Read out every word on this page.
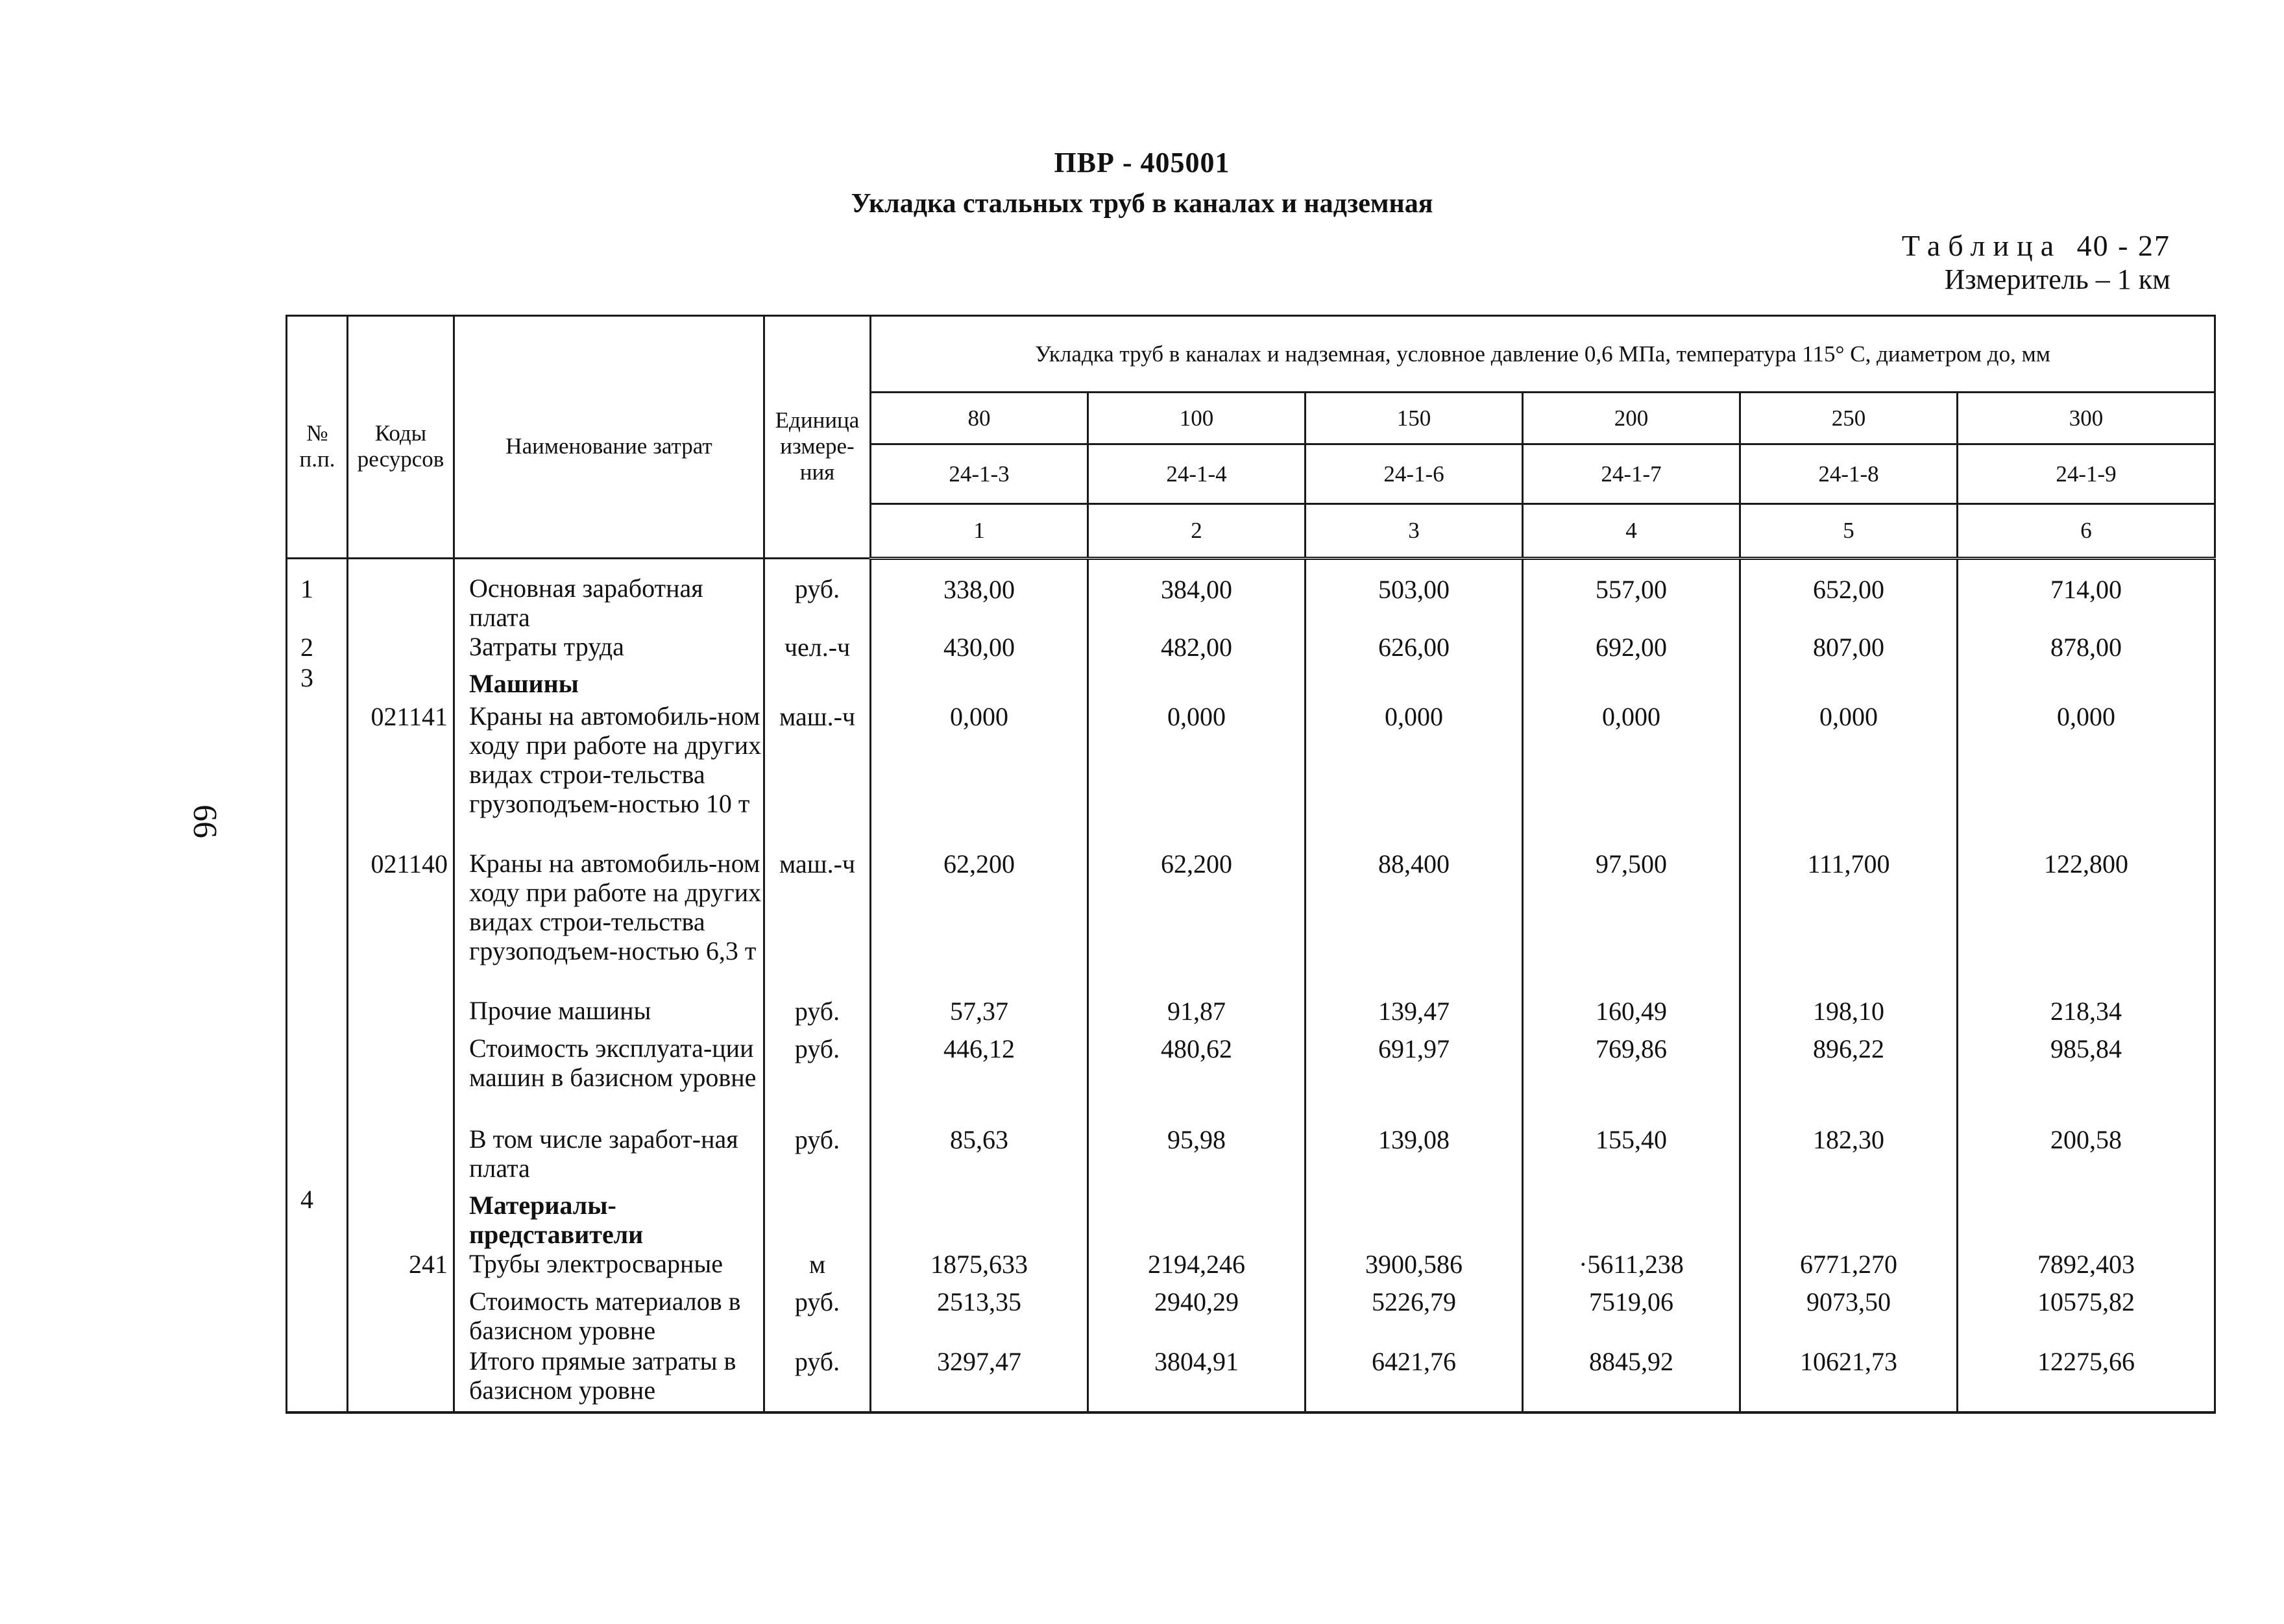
ПВР - 405001
Укладка стальных труб в каналах и надземная
Таблица 40 - 27
Измеритель – 1 км
66
№ п.п.	Коды ресурсов	Наименование затрат	Единица измере-ния	Укладка труб в каналах и надземная, условное давление 0,6 МПа, температура 115° С, диаметром до, мм					
				80	100	150	200	250	300
				24-1-3	24-1-4	24-1-6	24-1-7	24-1-8	24-1-9
				1	2	3	4	5	6
1		Основная заработная плата	руб.	338,00	384,00	503,00	557,00	652,00	714,00
2		Затраты труда	чел.-ч	430,00	482,00	626,00	692,00	807,00	878,00
3		Машины							
	021141	Краны на автомобиль-ном ходу при работе на других видах строи-тельства грузоподъем-ностью 10 т	маш.-ч	0,000	0,000	0,000	0,000	0,000	0,000
	021140	Краны на автомобиль-ном ходу при работе на других видах строи-тельства грузоподъем-ностью 6,3 т	маш.-ч	62,200	62,200	88,400	97,500	111,700	122,800
		Прочие машины	руб.	57,37	91,87	139,47	160,49	198,10	218,34
		Стоимость эксплуата-ции машин в базисном уровне	руб.	446,12	480,62	691,97	769,86	896,22	985,84
		В том числе заработ-ная плата	руб.	85,63	95,98	139,08	155,40	182,30	200,58
4		Материалы-представители							
	241	Трубы электросварные	м	1875,633	2194,246	3900,586	·5611,238	6771,270	7892,403
		Стоимость материалов в базисном уровне	руб.	2513,35	2940,29	5226,79	7519,06	9073,50	10575,82
		Итого прямые затраты в базисном уровне	руб.	3297,47	3804,91	6421,76	8845,92	10621,73	12275,66
